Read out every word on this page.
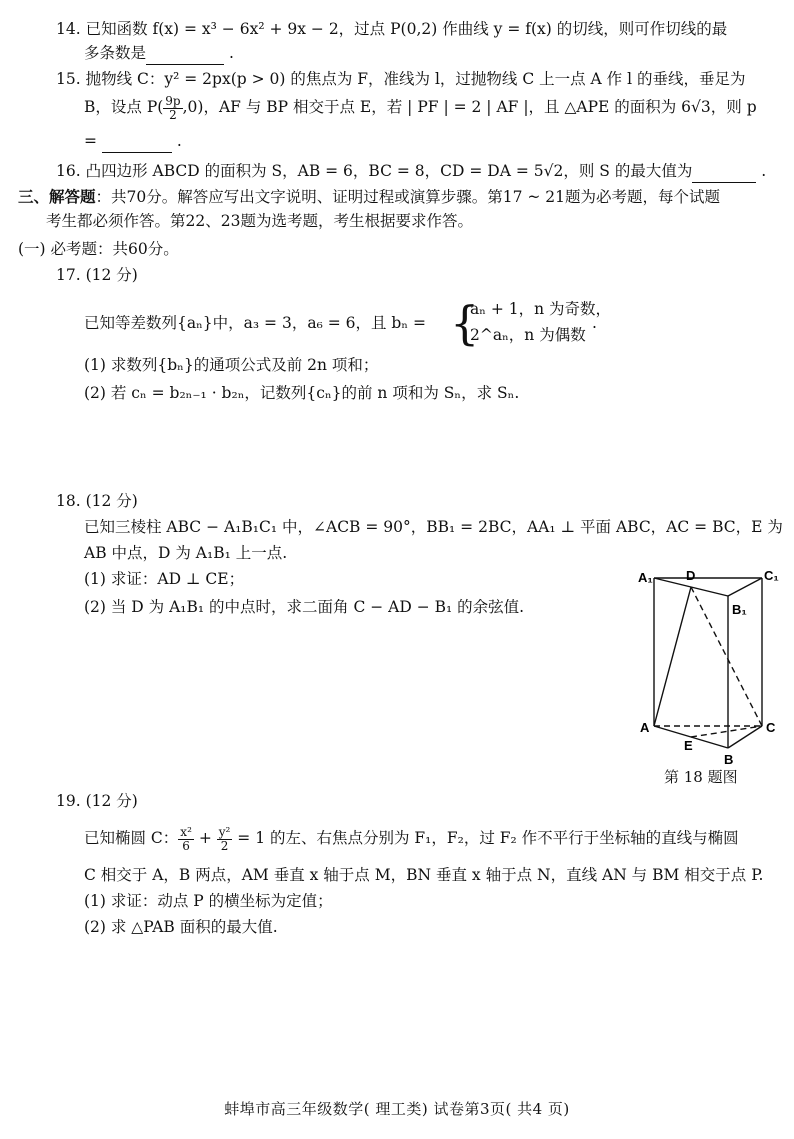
14. 已知函数 f(x) = x³ − 6x² + 9x − 2，过点 P(0,2) 作曲线 y = f(x) 的切线，则可作切线的最
多条数是	.
15. 抛物线 C：y² = 2px(p > 0) 的焦点为 F，准线为 l，过抛物线 C 上一点 A 作 l 的垂线，垂足为
B，设点 $P( \frac{9p}{2} ,0)$，AF 与 BP 相交于点 E，若 | PF | = 2 | AF |，且 △APE 的面积为 6√3，则 p
=	.
16. 凸四边形 ABCD 的面积为 S，AB = 6，BC = 8，CD = DA = 5√2，则 S 的最大值为	.
三、解答题：共70分。解答应写出文字说明、证明过程或演算步骤。第17 ~ 21题为必考题，每个试题
考生都必须作答。第22、23题为选考题，考生根据要求作答。
(一) 必考题：共60分。
17. (12 分)
已知等差数列{aₙ}中，a₃ = 3，a₆ = 6，且 bₙ = {
aₙ + 1，n 为奇数，
2^aₙ，n 为偶数
.
(1) 求数列{bₙ}的通项公式及前 2n 项和；
(2) 若 cₙ = b₂ₙ₋₁ · b₂ₙ，记数列{cₙ}的前 n 项和为 Sₙ，求 Sₙ.
18. (12 分)
已知三棱柱 ABC − A₁B₁C₁ 中，∠ACB = 90°，BB₁ = 2BC，AA₁ ⊥ 平面 ABC，AC = BC，E 为
AB 中点，D 为 A₁B₁ 上一点.
(1) 求证：AD ⊥ CE；
(2) 当 D 为 A₁B₁ 的中点时，求二面角 C − AD − B₁ 的余弦值.
A₁	D	C₁
B₁
A
E
C
B
第 18 题图
19. (12 分)
已知椭圆 C： $\frac{\text{x²}}{6} + \frac{\text{y²}}{2} = 1$ 的左、右焦点分别为 F₁，F₂，过 F₂ 作不平行于坐标轴的直线与椭圆
C 相交于 A，B 两点，AM 垂直 x 轴于点 M，BN 垂直 x 轴于点 N，直线 AN 与 BM 相交于点 P.
(1) 求证：动点 P 的横坐标为定值；
(2) 求 △PAB 面积的最大值.
蚌埠市高三年级数学( 理工类) 试卷第3页( 共4 页)
